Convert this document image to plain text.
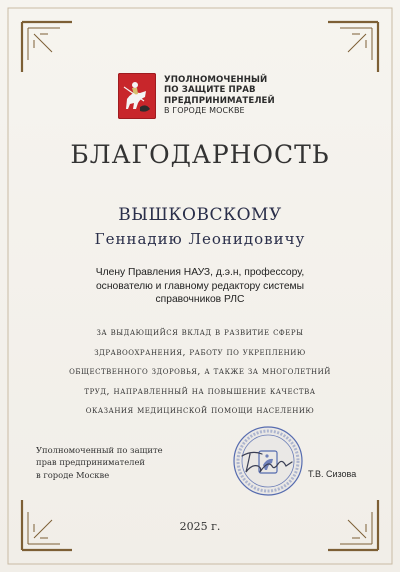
УПОЛНОМОЧЕННЫЙ
ПО ЗАЩИТЕ ПРАВ
ПРЕДПРИНИМАТЕЛЕЙ
В ГОРОДЕ МОСКВЕ
БЛАГОДАРНОСТЬ
ВЫШКОВСКОМУ
Геннадию Леонидовичу
Члену Правления НАУЗ, д.э.н, профессору,
основателю и главному редактору системы
справочников РЛС
за выдающийся вклад в развитие сферы
здравоохранения, работу по укреплению
общественного здоровья, а также за многолетний
труд, направленный на повышение качества
оказания медицинской помощи населению
Уполномоченный по защите
прав предпринимателей
в городе Москве	Т.В. Сизова
2025 г.
